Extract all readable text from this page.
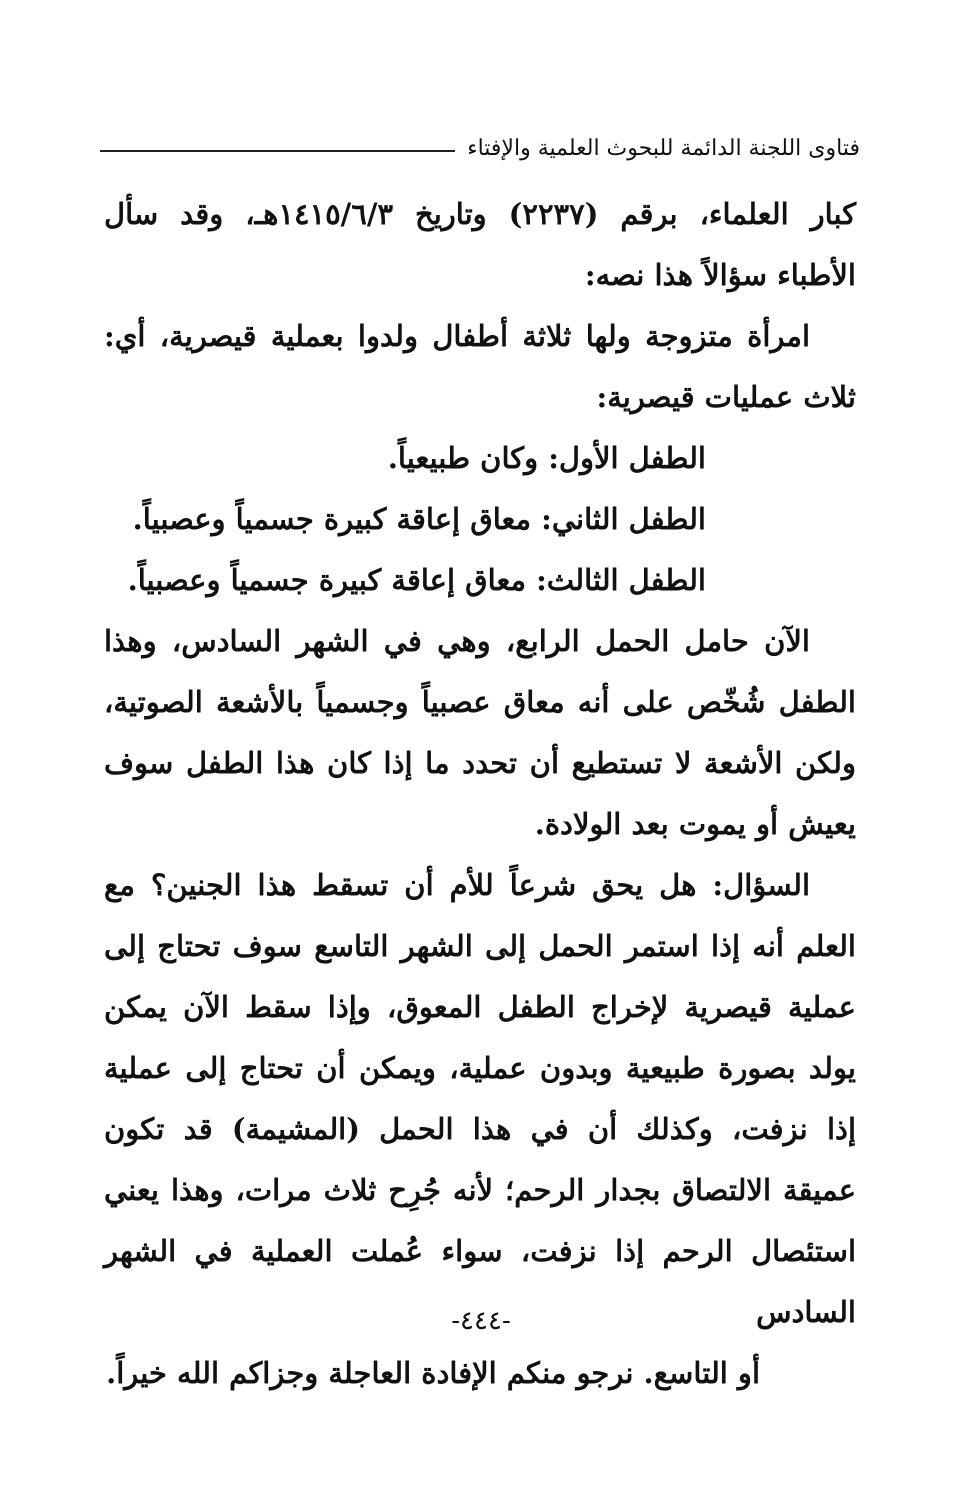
فتاوى اللجنة الدائمة للبحوث العلمية والإفتاء

كبار العلماء، برقم (٢٢٣٧) وتاريخ ١٤١٥/٦/٣هـ، وقد سأل الأطباء سؤالاً هذا نصه:

امرأة متزوجة ولها ثلاثة أطفال ولدوا بعملية قيصرية، أي: ثلاث عمليات قيصرية:

الطفل الأول: وكان طبيعياً.
الطفل الثاني: معاق إعاقة كبيرة جسمياً وعصبياً.
الطفل الثالث: معاق إعاقة كبيرة جسمياً وعصبياً.

الآن حامل الحمل الرابع، وهي في الشهر السادس، وهذا الطفل شُخّص على أنه معاق عصبياً وجسمياً بالأشعة الصوتية، ولكن الأشعة لا تستطيع أن تحدد ما إذا كان هذا الطفل سوف يعيش أو يموت بعد الولادة.

السؤال: هل يحق شرعاً للأم أن تسقط هذا الجنين؟ مع العلم أنه إذا استمر الحمل إلى الشهر التاسع سوف تحتاج إلى عملية قيصرية لإخراج الطفل المعوق، وإذا سقط الآن يمكن يولد بصورة طبيعية وبدون عملية، ويمكن أن تحتاج إلى عملية إذا نزفت، وكذلك أن في هذا الحمل (المشيمة) قد تكون عميقة الالتصاق بجدار الرحم؛ لأنه جُرِح ثلاث مرات، وهذا يعني استئصال الرحم إذا نزفت، سواء عُملت العملية في الشهر السادس

أو التاسع. نرجو منكم الإفادة العاجلة وجزاكم الله خيراً.
-٤٤٤-
